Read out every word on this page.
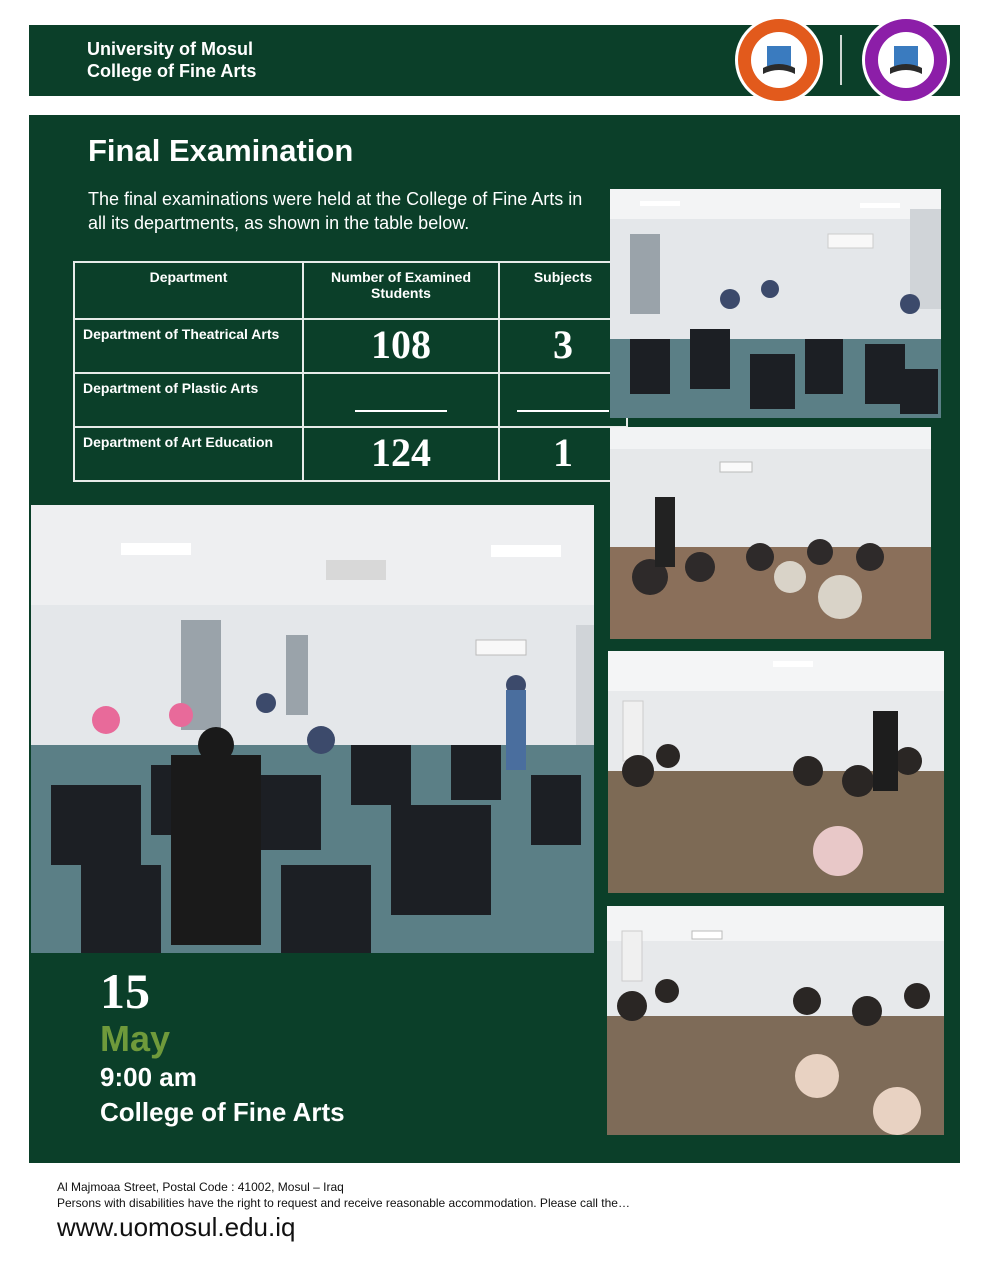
University of Mosul
College of Fine Arts
Final Examination
The final examinations were held at the College of Fine Arts in all its departments, as shown in the table below.
Department	Number of Examined Students	Subjects
Department of Theatrical Arts	108	3
Department of Plastic Arts		
Department of Art Education	124	1
15
May
9:00 am
College of Fine Arts
Al Majmoaa Street, Postal Code : 41002, Mosul – Iraq
Persons with disabilities have the right to request and receive reasonable accommodation. Please call the…
www.uomosul.edu.iq
